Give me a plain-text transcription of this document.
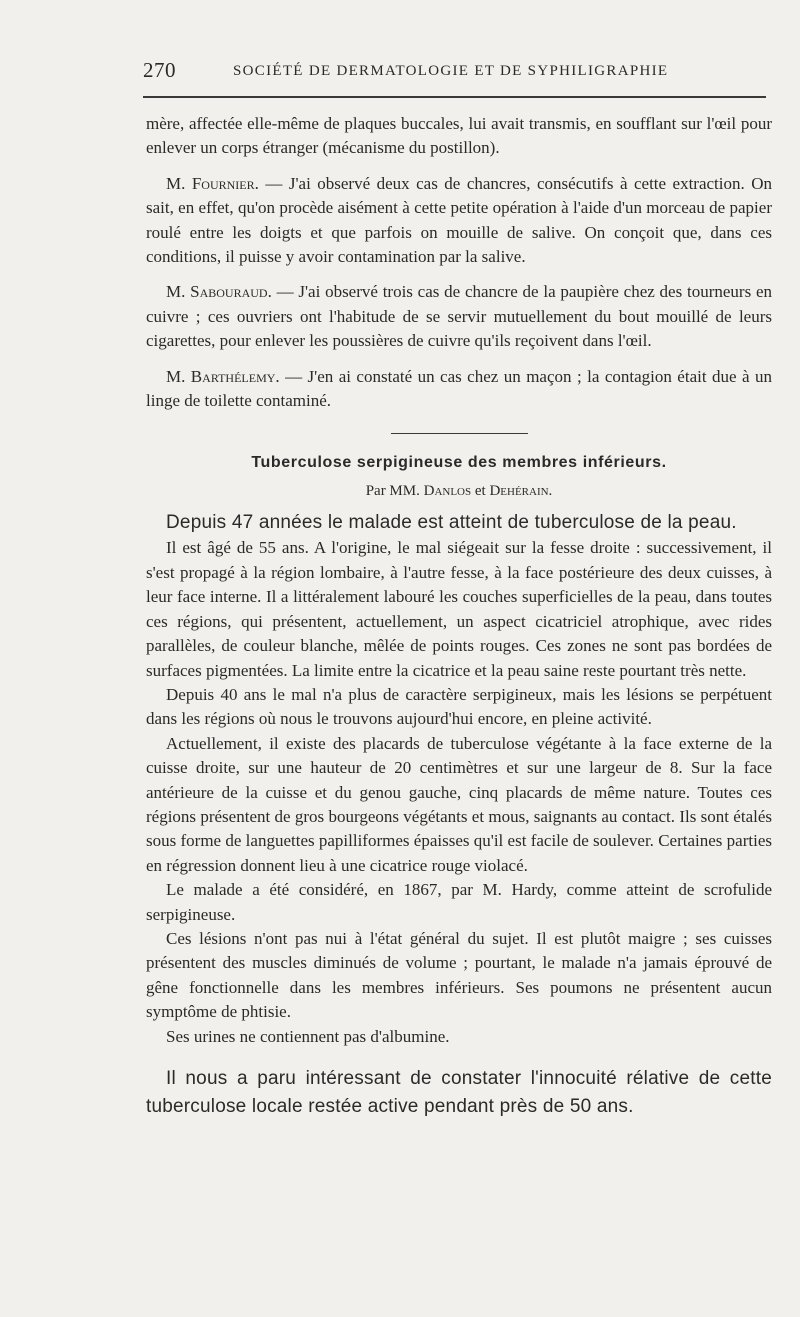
270	SOCIÉTÉ DE DERMATOLOGIE ET DE SYPHILIGRAPHIE

mère, affectée elle-même de plaques buccales, lui avait transmis, en soufflant sur l'œil pour enlever un corps étranger (mécanisme du postillon).

M. Fournier. — J'ai observé deux cas de chancres, consécutifs à cette extraction. On sait, en effet, qu'on procède aisément à cette petite opération à l'aide d'un morceau de papier roulé entre les doigts et que parfois on mouille de salive. On conçoit que, dans ces conditions, il puisse y avoir contamination par la salive.

M. Sabouraud. — J'ai observé trois cas de chancre de la paupière chez des tourneurs en cuivre ; ces ouvriers ont l'habitude de se servir mutuellement du bout mouillé de leurs cigarettes, pour enlever les poussières de cuivre qu'ils reçoivent dans l'œil.

M. Barthélemy. — J'en ai constaté un cas chez un maçon ; la contagion était due à un linge de toilette contaminé.

Tuberculose serpigineuse des membres inférieurs.
Par MM. Danlos et Dehérain.
Depuis 47 années le malade est atteint de tuberculose de la peau.

Il est âgé de 55 ans. A l'origine, le mal siégeait sur la fesse droite : successivement, il s'est propagé à la région lombaire, à l'autre fesse, à la face postérieure des deux cuisses, à leur face interne. Il a littéralement labouré les couches superficielles de la peau, dans toutes ces régions, qui présentent, actuellement, un aspect cicatriciel atrophique, avec rides parallèles, de couleur blanche, mêlée de points rouges. Ces zones ne sont pas bordées de surfaces pigmentées. La limite entre la cicatrice et la peau saine reste pourtant très nette.

Depuis 40 ans le mal n'a plus de caractère serpigineux, mais les lésions se perpétuent dans les régions où nous le trouvons aujourd'hui encore, en pleine activité.

Actuellement, il existe des placards de tuberculose végétante à la face externe de la cuisse droite, sur une hauteur de 20 centimètres et sur une largeur de 8. Sur la face antérieure de la cuisse et du genou gauche, cinq placards de même nature. Toutes ces régions présentent de gros bourgeons végétants et mous, saignants au contact. Ils sont étalés sous forme de languettes papilliformes épaisses qu'il est facile de soulever. Certaines parties en régression donnent lieu à une cicatrice rouge violacé.

Le malade a été considéré, en 1867, par M. Hardy, comme atteint de scrofulide serpigineuse.

Ces lésions n'ont pas nui à l'état général du sujet. Il est plutôt maigre ; ses cuisses présentent des muscles diminués de volume ; pourtant, le malade n'a jamais éprouvé de gêne fonctionnelle dans les membres inférieurs. Ses poumons ne présentent aucun symptôme de phtisie.

Ses urines ne contiennent pas d'albumine.

Il nous a paru intéressant de constater l'innocuité rélative de cette tuberculose locale restée active pendant près de 50 ans.
